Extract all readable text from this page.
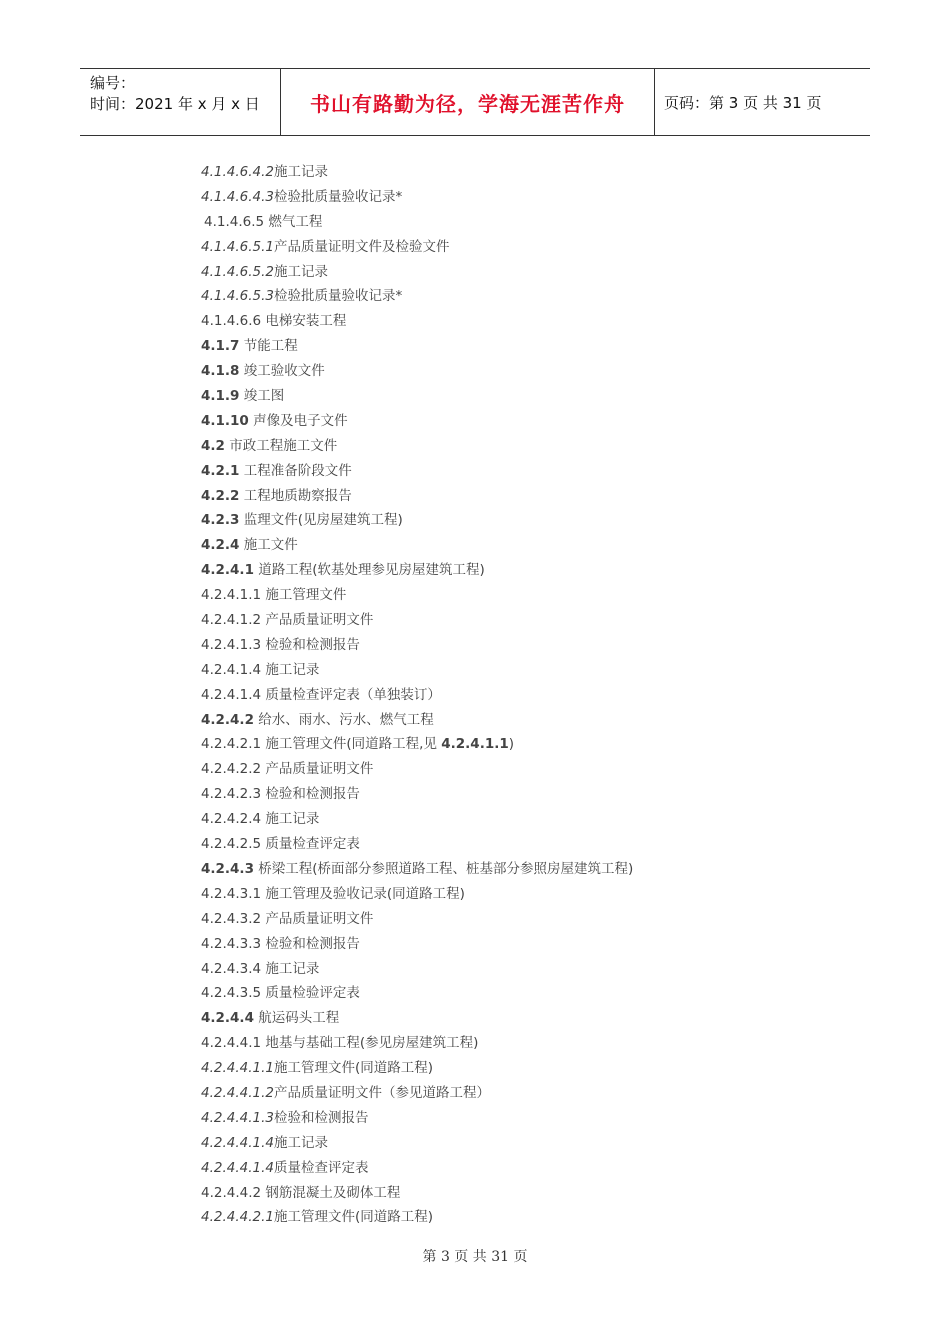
编号：
时间：2021 年 x 月 x 日	书山有路勤为径，学海无涯苦作舟	页码：第 3 页 共 31 页
4.1.4.6.4.2施工记录
4.1.4.6.4.3检验批质量验收记录*
4.1.4.6.5 燃气工程
4.1.4.6.5.1产品质量证明文件及检验文件
4.1.4.6.5.2施工记录
4.1.4.6.5.3检验批质量验收记录*
4.1.4.6.6 电梯安装工程
4.1.7 节能工程
4.1.8 竣工验收文件
4.1.9 竣工图
4.1.10 声像及电子文件
4.2 市政工程施工文件
4.2.1 工程准备阶段文件
4.2.2 工程地质勘察报告
4.2.3 监理文件(见房屋建筑工程)
4.2.4 施工文件
4.2.4.1 道路工程(软基处理参见房屋建筑工程)
4.2.4.1.1 施工管理文件
4.2.4.1.2 产品质量证明文件
4.2.4.1.3 检验和检测报告
4.2.4.1.4 施工记录
4.2.4.1.4 质量检查评定表（单独装订）
4.2.4.2 给水、雨水、污水、燃气工程
4.2.4.2.1 施工管理文件(同道路工程,见 4.2.4.1.1)
4.2.4.2.2 产品质量证明文件
4.2.4.2.3 检验和检测报告
4.2.4.2.4 施工记录
4.2.4.2.5 质量检查评定表
4.2.4.3 桥梁工程(桥面部分参照道路工程、桩基部分参照房屋建筑工程)
4.2.4.3.1 施工管理及验收记录(同道路工程)
4.2.4.3.2 产品质量证明文件
4.2.4.3.3 检验和检测报告
4.2.4.3.4 施工记录
4.2.4.3.5 质量检验评定表
4.2.4.4 航运码头工程
4.2.4.4.1 地基与基础工程(参见房屋建筑工程)
4.2.4.4.1.1施工管理文件(同道路工程)
4.2.4.4.1.2产品质量证明文件（参见道路工程）
4.2.4.4.1.3检验和检测报告
4.2.4.4.1.4施工记录
4.2.4.4.1.4质量检查评定表
4.2.4.4.2 钢筋混凝土及砌体工程
4.2.4.4.2.1施工管理文件(同道路工程)
第 3 页 共 31 页
